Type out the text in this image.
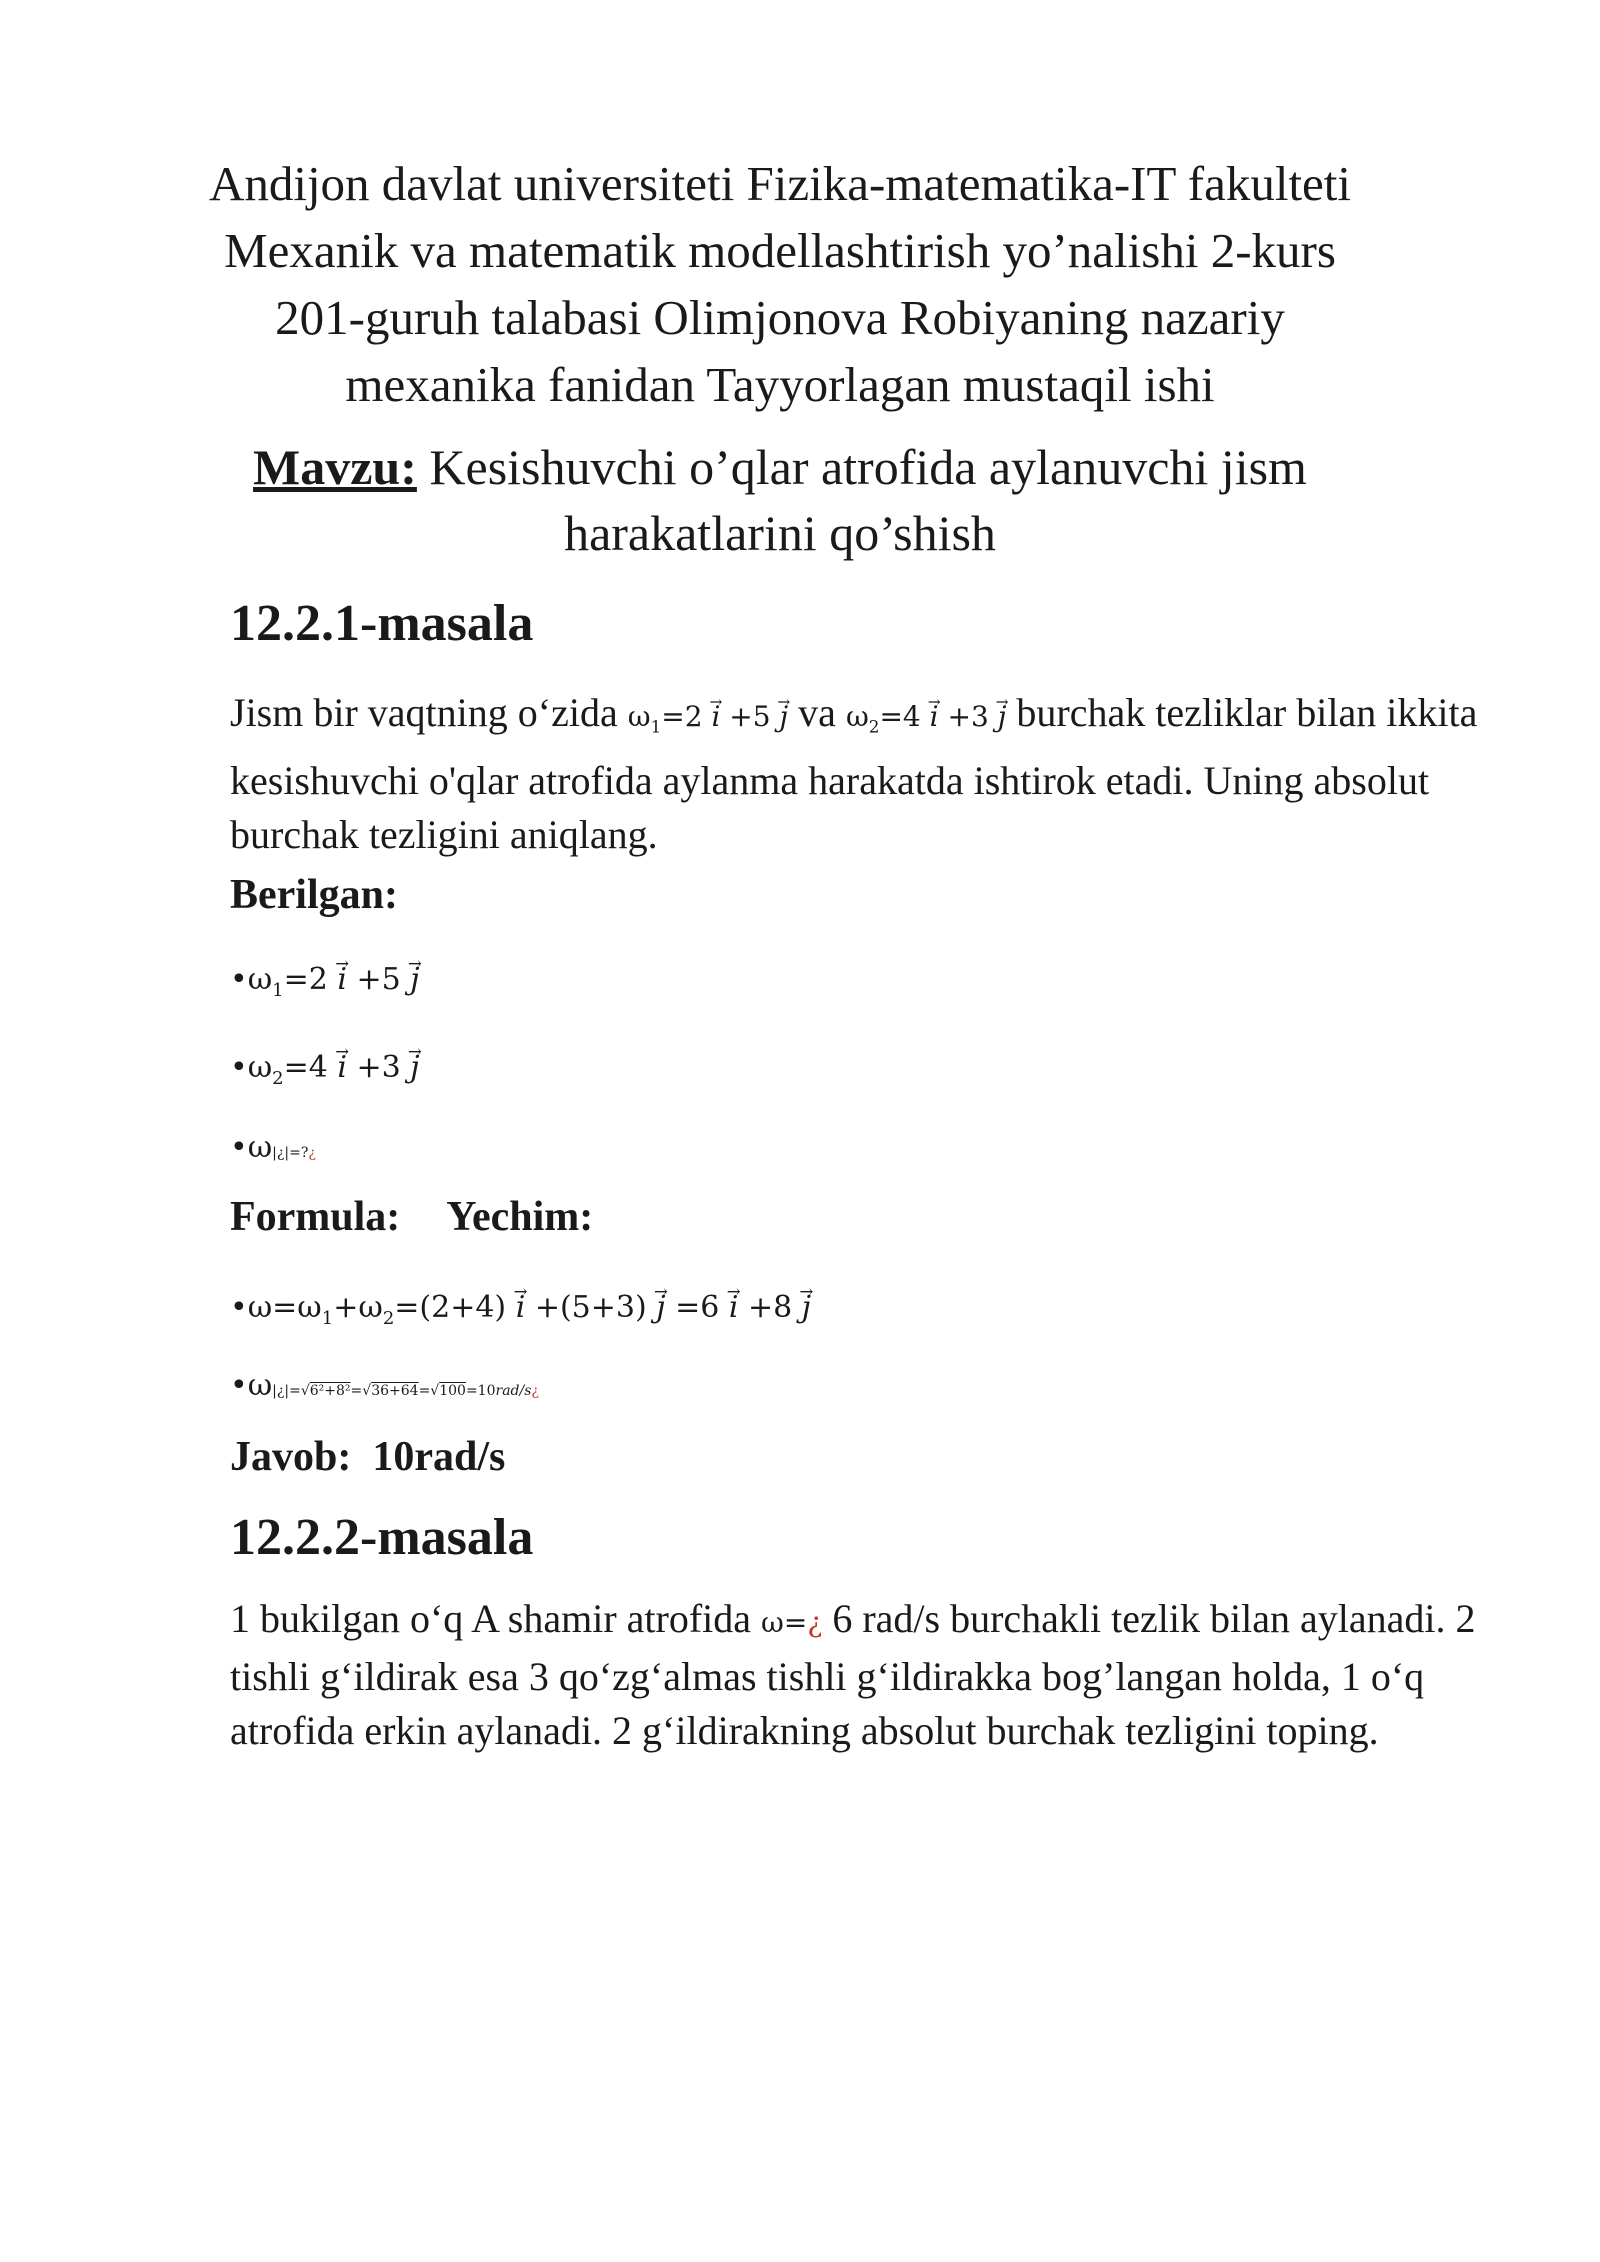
Andijon davlat universiteti Fizika-matematika-IT fakulteti
Mexanik va matematik modellashtirish yo’nalishi 2-kurs
201-guruh talabasi Olimjonova Robiyaning nazariy
mexanika fanidan Tayyorlagan mustaqil ishi
Mavzu: Kesishuvchi o’qlar atrofida aylanuvchi jism
harakatlarini qo’shish
12.2.1-masala
Jism bir vaqtning o‘zida $\omega_1=2 \to i +5 \to j$ va $\omega_2=4 \to i +3 \to j$ burchak tezliklar bilan ikkita kesishuvchi o'qlar atrofida aylanma harakatda ishtirok etadi. Uning absolut burchak tezligini aniqlang.
Berilgan:
$•\omega_1=2 \to i +5 \to j$
$•\omega_2=4 \to i +3 \to j$
•ω|¿|=?¿
Formula: Yechim:
$•\omega=\omega_1+\omega_2=(2+4) \to i +(5+3) \to j =6 \to i +8 \to j$
•ω|¿|=√6²+8²=√36+64=√100=10rad/s¿
Javob: 10rad/s
12.2.2-masala
1 bukilgan o‘q A shamir atrofida ω=¿ 6 rad/s burchakli tezlik bilan aylanadi. 2 tishli g‘ildirak esa 3 qo‘zg‘almas tishli g‘ildirakka bog’langan holda, 1 o‘q atrofida erkin aylanadi. 2 g‘ildirakning absolut burchak tezligini toping.
